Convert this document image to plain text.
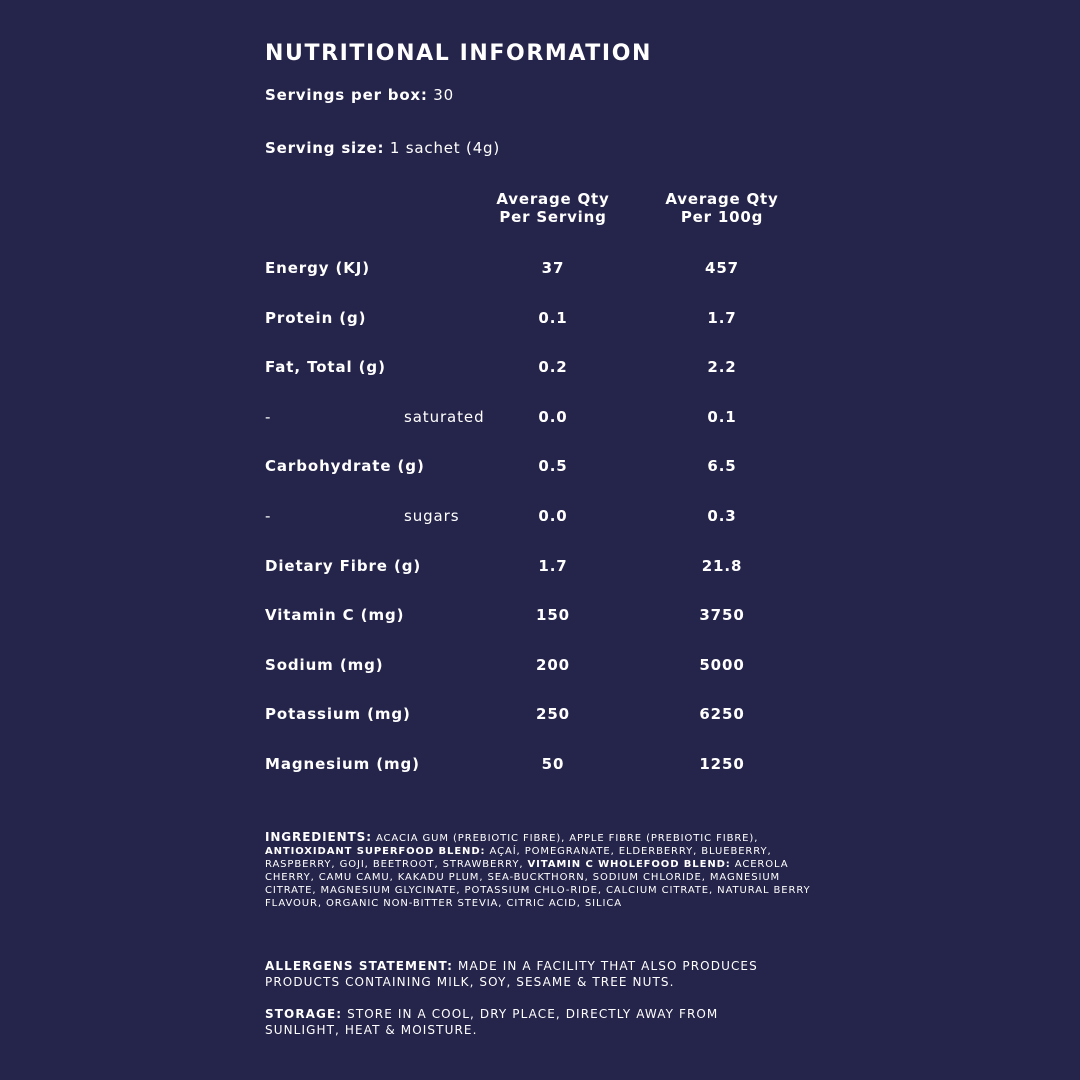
NUTRITIONAL INFORMATION
Servings per box: 30
Serving size: 1 sachet (4g)
Average Qty
Per Serving
Average Qty
Per 100g
Energy (KJ)	37	457
Protein (g)	0.1	1.7
Fat, Total (g)	0.2	2.2
-	saturated	0.0	0.1
Carbohydrate (g)	0.5	6.5
-	sugars	0.0	0.3
Dietary Fibre (g)	1.7	21.8
Vitamin C (mg)	150	3750
Sodium (mg)	200	5000
Potassium (mg)	250	6250
Magnesium (mg)	50	1250
INGREDIENTS: ACACIA GUM (PREBIOTIC FIBRE), APPLE FIBRE (PREBIOTIC FIBRE), ANTIOXIDANT SUPERFOOD BLEND: AÇAÍ, POMEGRANATE, ELDERBERRY, BLUEBERRY, RASPBERRY, GOJI, BEETROOT, STRAWBERRY, VITAMIN C WHOLEFOOD BLEND: ACEROLA CHERRY, CAMU CAMU, KAKADU PLUM, SEA-BUCKTHORN, SODIUM CHLORIDE, MAGNESIUM CITRATE, MAGNESIUM GLYCINATE, POTASSIUM CHLO-RIDE, CALCIUM CITRATE, NATURAL BERRY FLAVOUR, ORGANIC NON-BITTER STEVIA, CITRIC ACID, SILICA
ALLERGENS STATEMENT: MADE IN A FACILITY THAT ALSO PRODUCES PRODUCTS CONTAINING MILK, SOY, SESAME & TREE NUTS.
STORAGE: STORE IN A COOL, DRY PLACE, DIRECTLY AWAY FROM SUNLIGHT, HEAT & MOISTURE.
